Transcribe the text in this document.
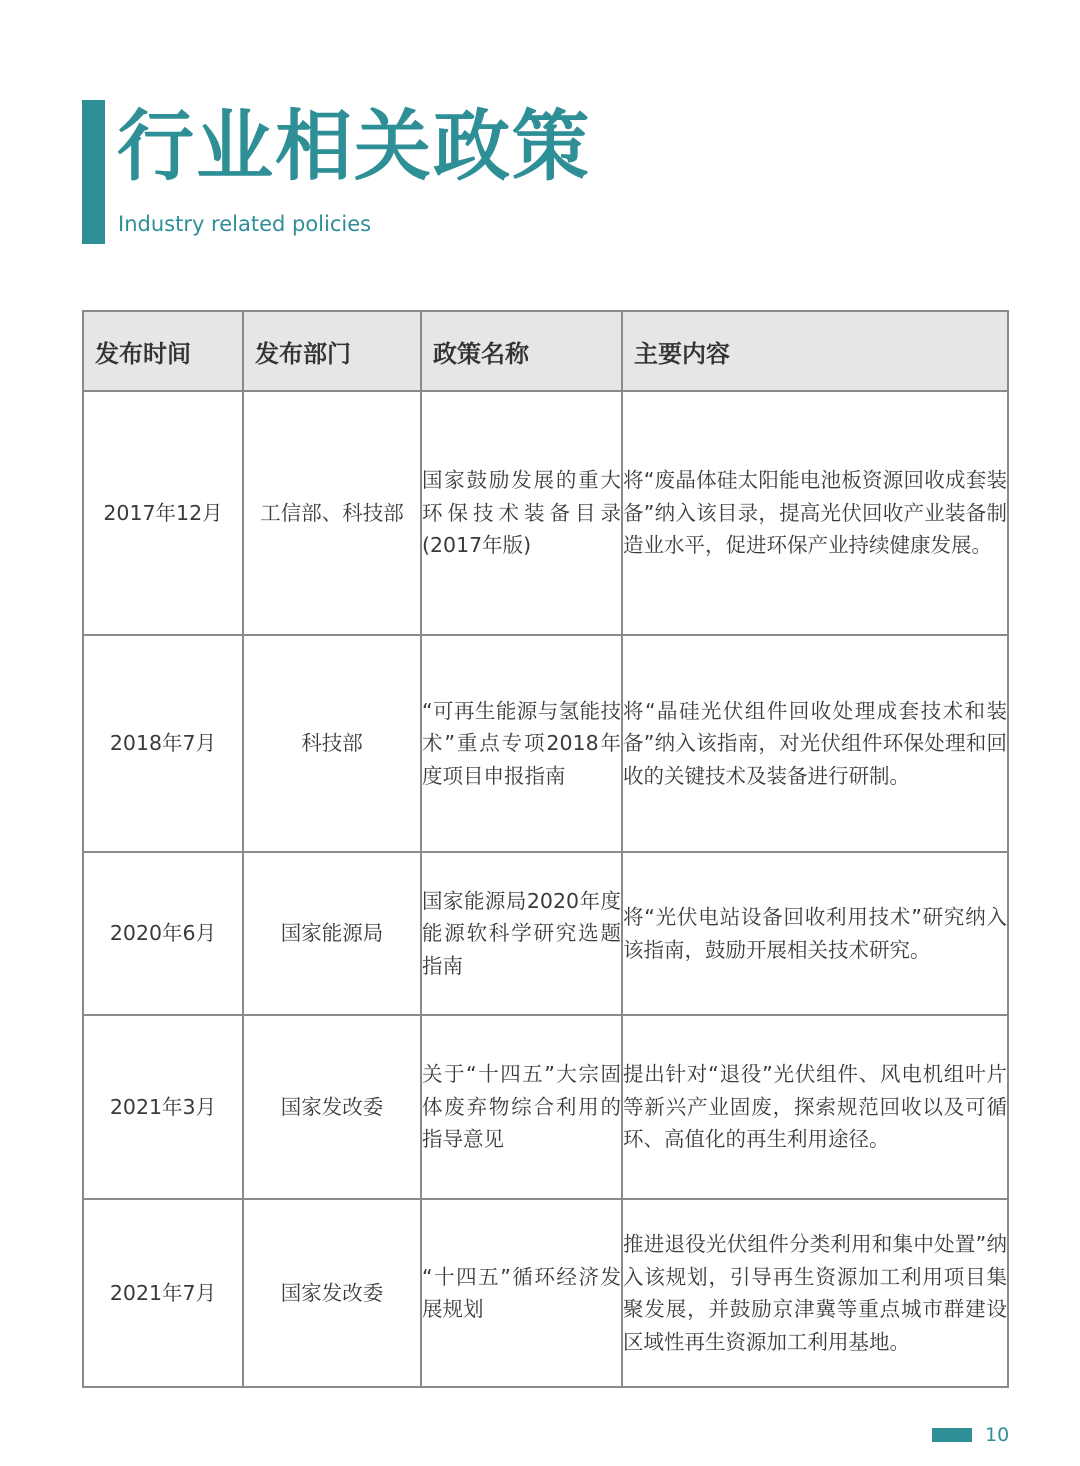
行业相关政策
Industry related policies
发布时间	发布部门	政策名称	主要内容
2017年12月	工信部、科技部	国家鼓励发展的重大环保技术装备目录(2017年版)	将“废晶体硅太阳能电池板资源回收成套装备”纳入该目录，提高光伏回收产业装备制造业水平，促进环保产业持续健康发展。
2018年7月	科技部	“可再生能源与氢能技术”重点专项2018年度项目申报指南	将“晶硅光伏组件回收处理成套技术和装备”纳入该指南，对光伏组件环保处理和回收的关键技术及装备进行研制。
2020年6月	国家能源局	国家能源局2020年度能源软科学研究选题指南	将“光伏电站设备回收利用技术”研究纳入该指南，鼓励开展相关技术研究。
2021年3月	国家发改委	关于“十四五”大宗固体废弃物综合利用的指导意见	提出针对“退役”光伏组件、风电机组叶片等新兴产业固废，探索规范回收以及可循环、高值化的再生利用途径。
2021年7月	国家发改委	“十四五”循环经济发展规划	推进退役光伏组件分类利用和集中处置”纳入该规划，引导再生资源加工利用项目集聚发展，并鼓励京津冀等重点城市群建设区域性再生资源加工利用基地。
10
